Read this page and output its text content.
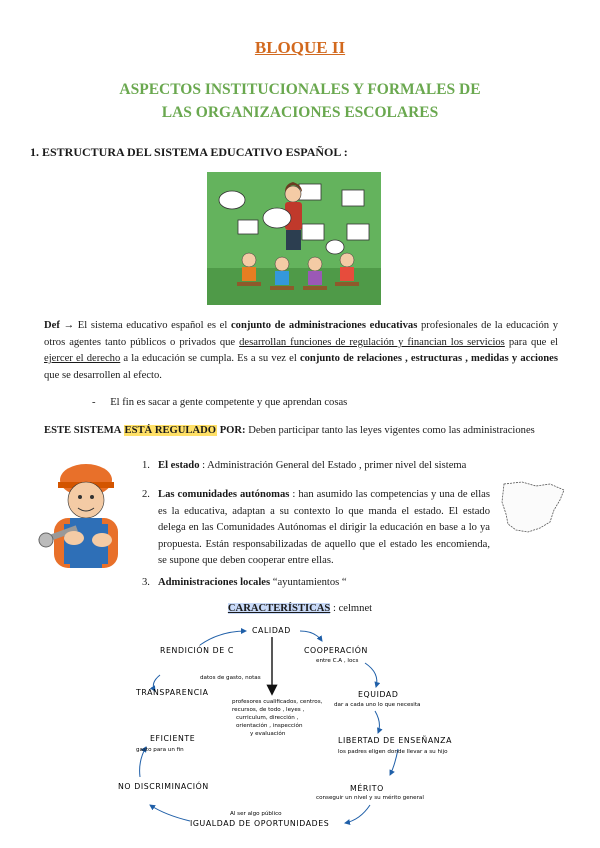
BLOQUE II
ASPECTOS INSTITUCIONALES Y FORMALES DE
LAS ORGANIZACIONES ESCOLARES
1. ESTRUCTURA DEL SISTEMA EDUCATIVO ESPAÑOL :
Def → El sistema educativo español es el conjunto de administraciones educativas profesionales de la educación y otros agentes tanto públicos o privados que desarrollan funciones de regulación y financian los servicios para que el ejercer el derecho a la educación se cumpla. Es a su vez el conjunto de relaciones , estructuras , medidas y acciones que se desarrollen al efecto.
- El fin es sacar a gente competente y que aprendan cosas
ESTE SISTEMA ESTÁ REGULADO POR: Deben participar tanto las leyes vigentes como las administraciones
1. El estado : Administración General del Estado , primer nivel del sistema
2. Las comunidades autónomas : han asumido las competencias y una de ellas es la educativa, adaptan a su contexto lo que manda el estado. El estado delega en las Comunidades Autónomas el dirigir la educación en base a lo ya propuesta. Están responsabilizadas de aquello que el estado les encomienda, se supone que deben cooperar entre ellas.
3. Administraciones locales “ayuntamientos “
CARACTERÍSTICAS : celmnet
CALIDAD
COOPERACIÓN
entre C.A , locs
EQUIDAD
dar a cada uno lo que necesita
LIBERTAD DE ENSEÑANZA
los padres eligen donde llevar a su hijo
MÉRITO
conseguir un nivel y su mérito general
Al ser algo público
IGUALDAD DE OPORTUNIDADES
NO DISCRIMINACIÓN
EFICIENTE
gasto para un fin
TRANSPARENCIA
RENDICIÓN DE C
datos de gasto, notas
profesores cualificados, centros,
recursos, de todo , leyes ,
curriculum, dirección ,
orientación , inspección
y evaluación
